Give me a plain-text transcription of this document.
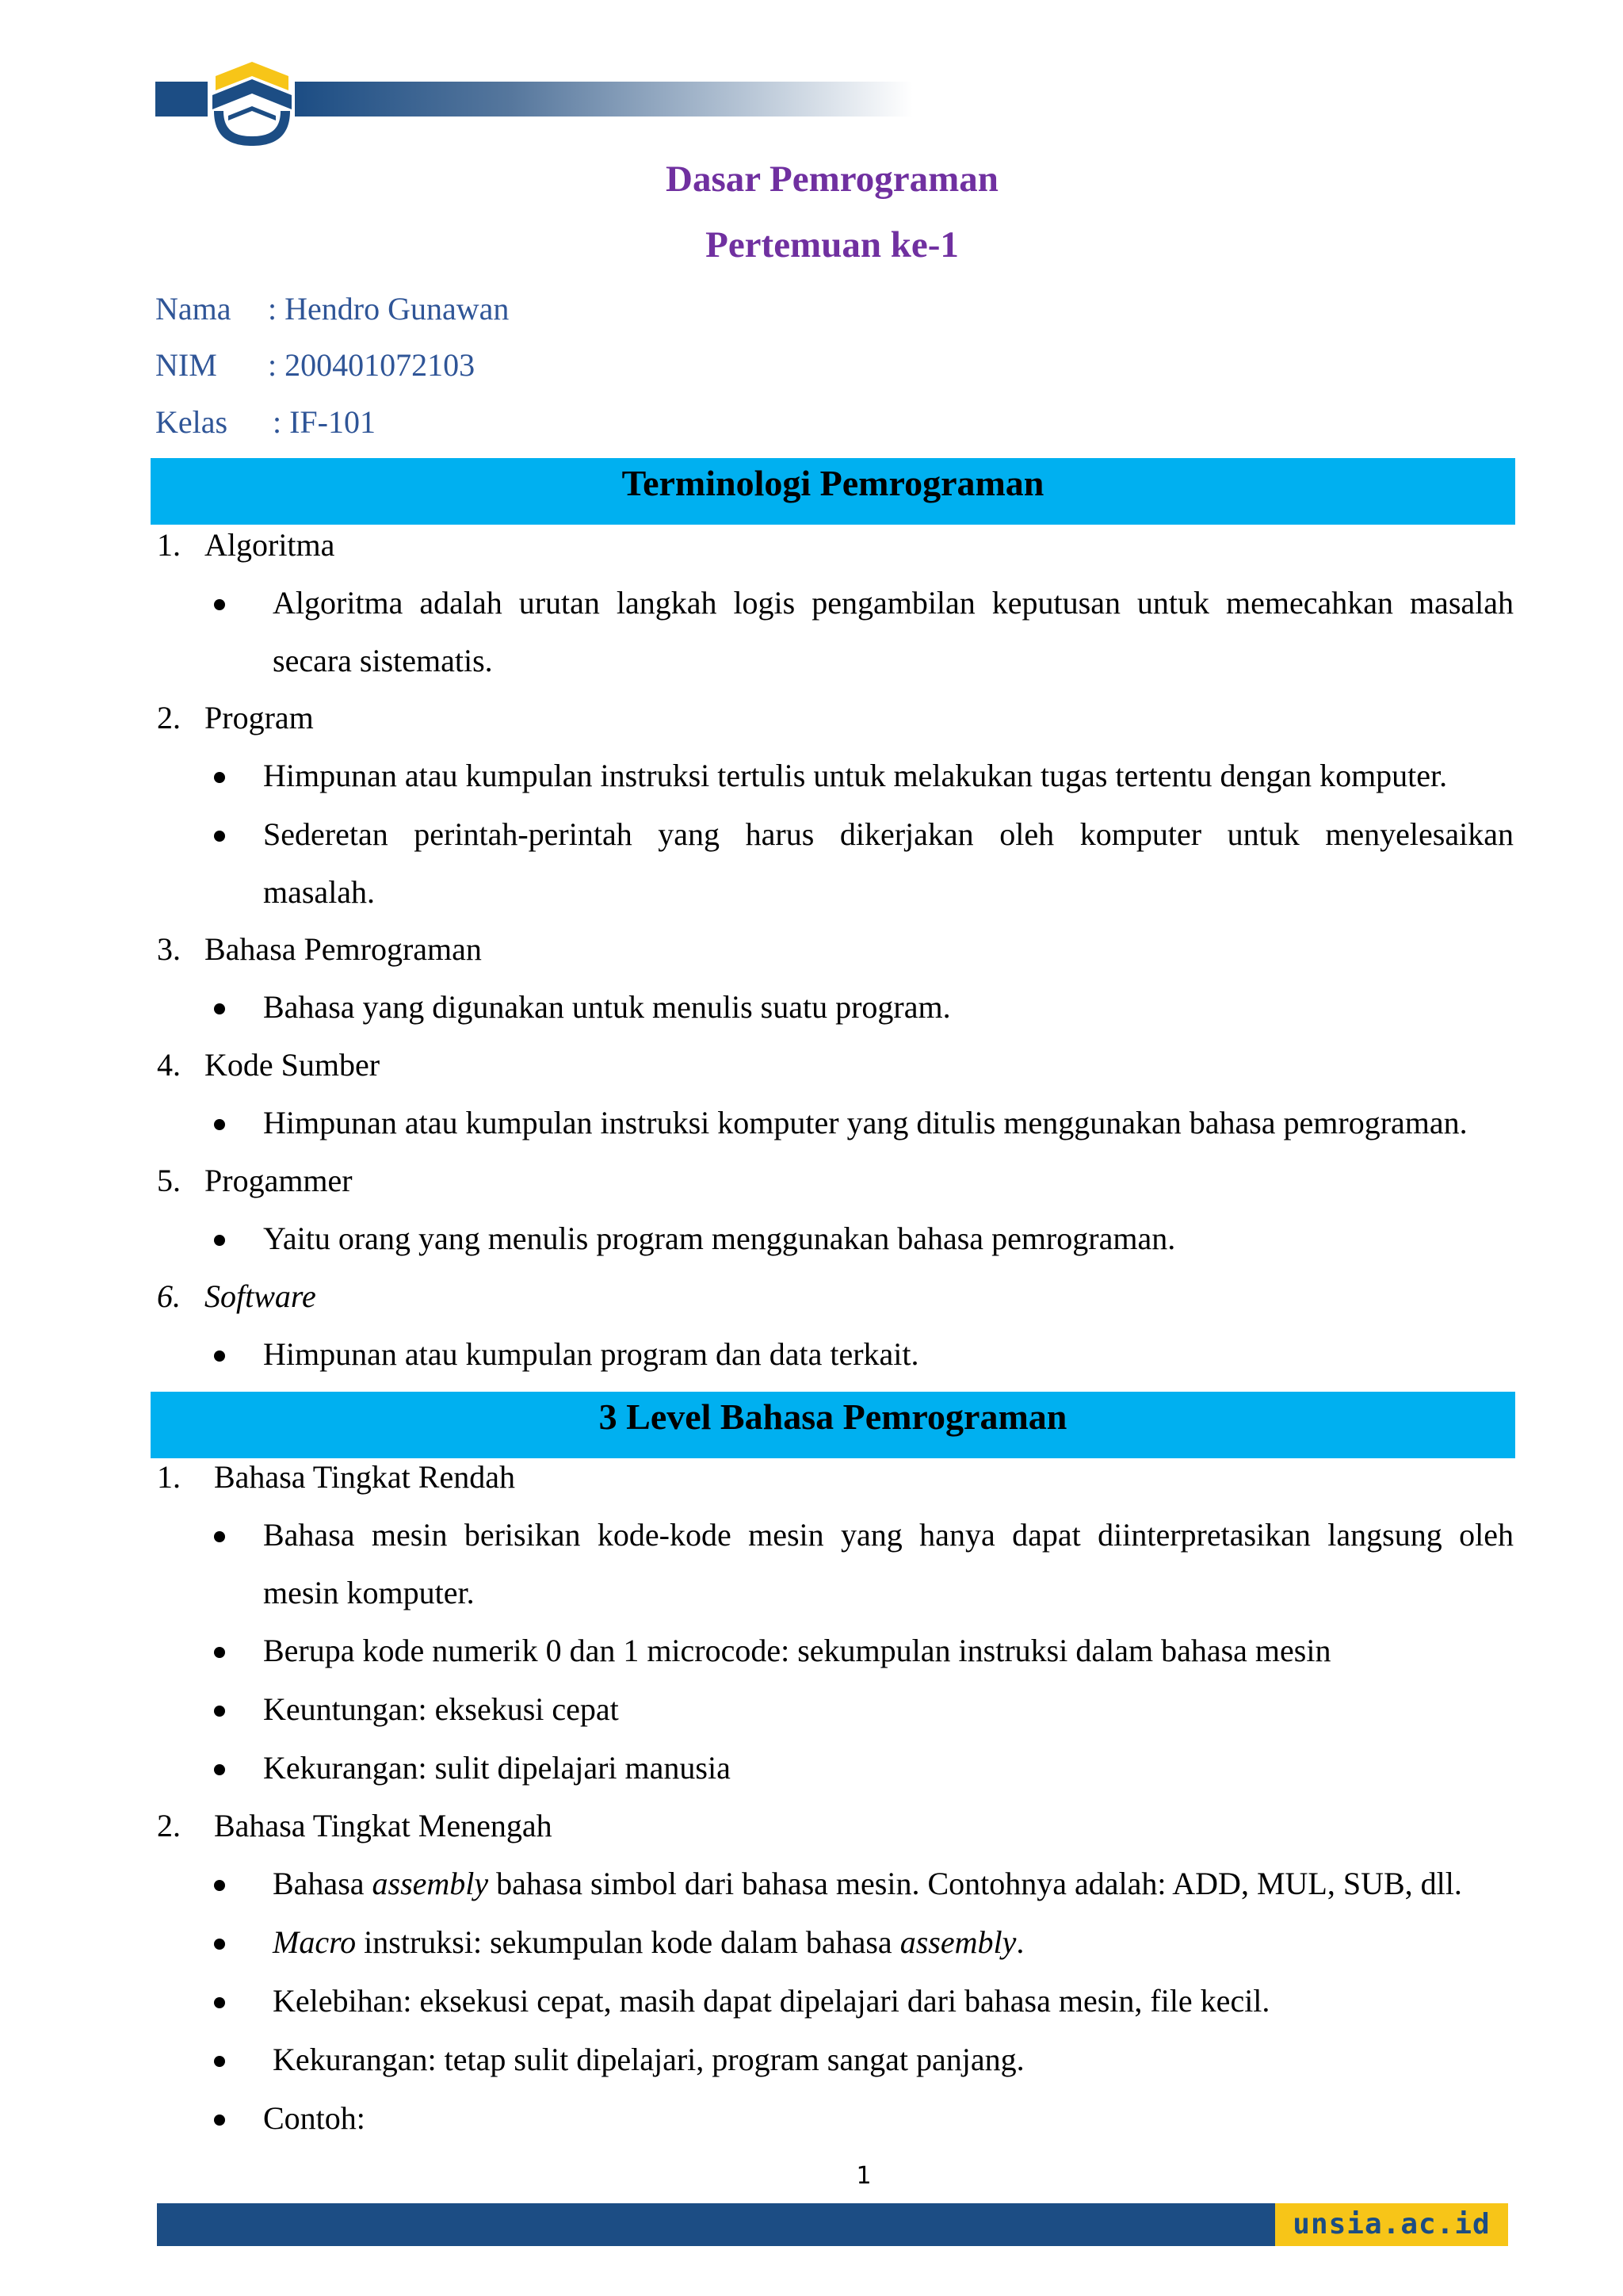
Dasar Pemrograman
Pertemuan ke-1
Nama : Hendro Gunawan
NIM : 200401072103
Kelas : IF-101
Terminologi Pemrograman
1. Algoritma
Algoritma adalah urutan langkah logis pengambilan keputusan untuk memecahkan masalah
secara sistematis.
2. Program
Himpunan atau kumpulan instruksi tertulis untuk melakukan tugas tertentu dengan komputer.
Sederetan perintah-perintah yang harus dikerjakan oleh komputer untuk menyelesaikan
masalah.
3. Bahasa Pemrograman
Bahasa yang digunakan untuk menulis suatu program.
4. Kode Sumber
Himpunan atau kumpulan instruksi komputer yang ditulis menggunakan bahasa pemrograman.
5. Progammer
Yaitu orang yang menulis program menggunakan bahasa pemrograman.
6. Software
Himpunan atau kumpulan program dan data terkait.
3 Level Bahasa Pemrograman
1. Bahasa Tingkat Rendah
Bahasa mesin berisikan kode-kode mesin yang hanya dapat diinterpretasikan langsung oleh
mesin komputer.
Berupa kode numerik 0 dan 1 microcode: sekumpulan instruksi dalam bahasa mesin
Keuntungan: eksekusi cepat
Kekurangan: sulit dipelajari manusia
2. Bahasa Tingkat Menengah
Bahasa assembly bahasa simbol dari bahasa mesin. Contohnya adalah: ADD, MUL, SUB, dll.
Macro instruksi: sekumpulan kode dalam bahasa assembly.
Kelebihan: eksekusi cepat, masih dapat dipelajari dari bahasa mesin, file kecil.
Kekurangan: tetap sulit dipelajari, program sangat panjang.
Contoh:
1
unsia.ac.id
